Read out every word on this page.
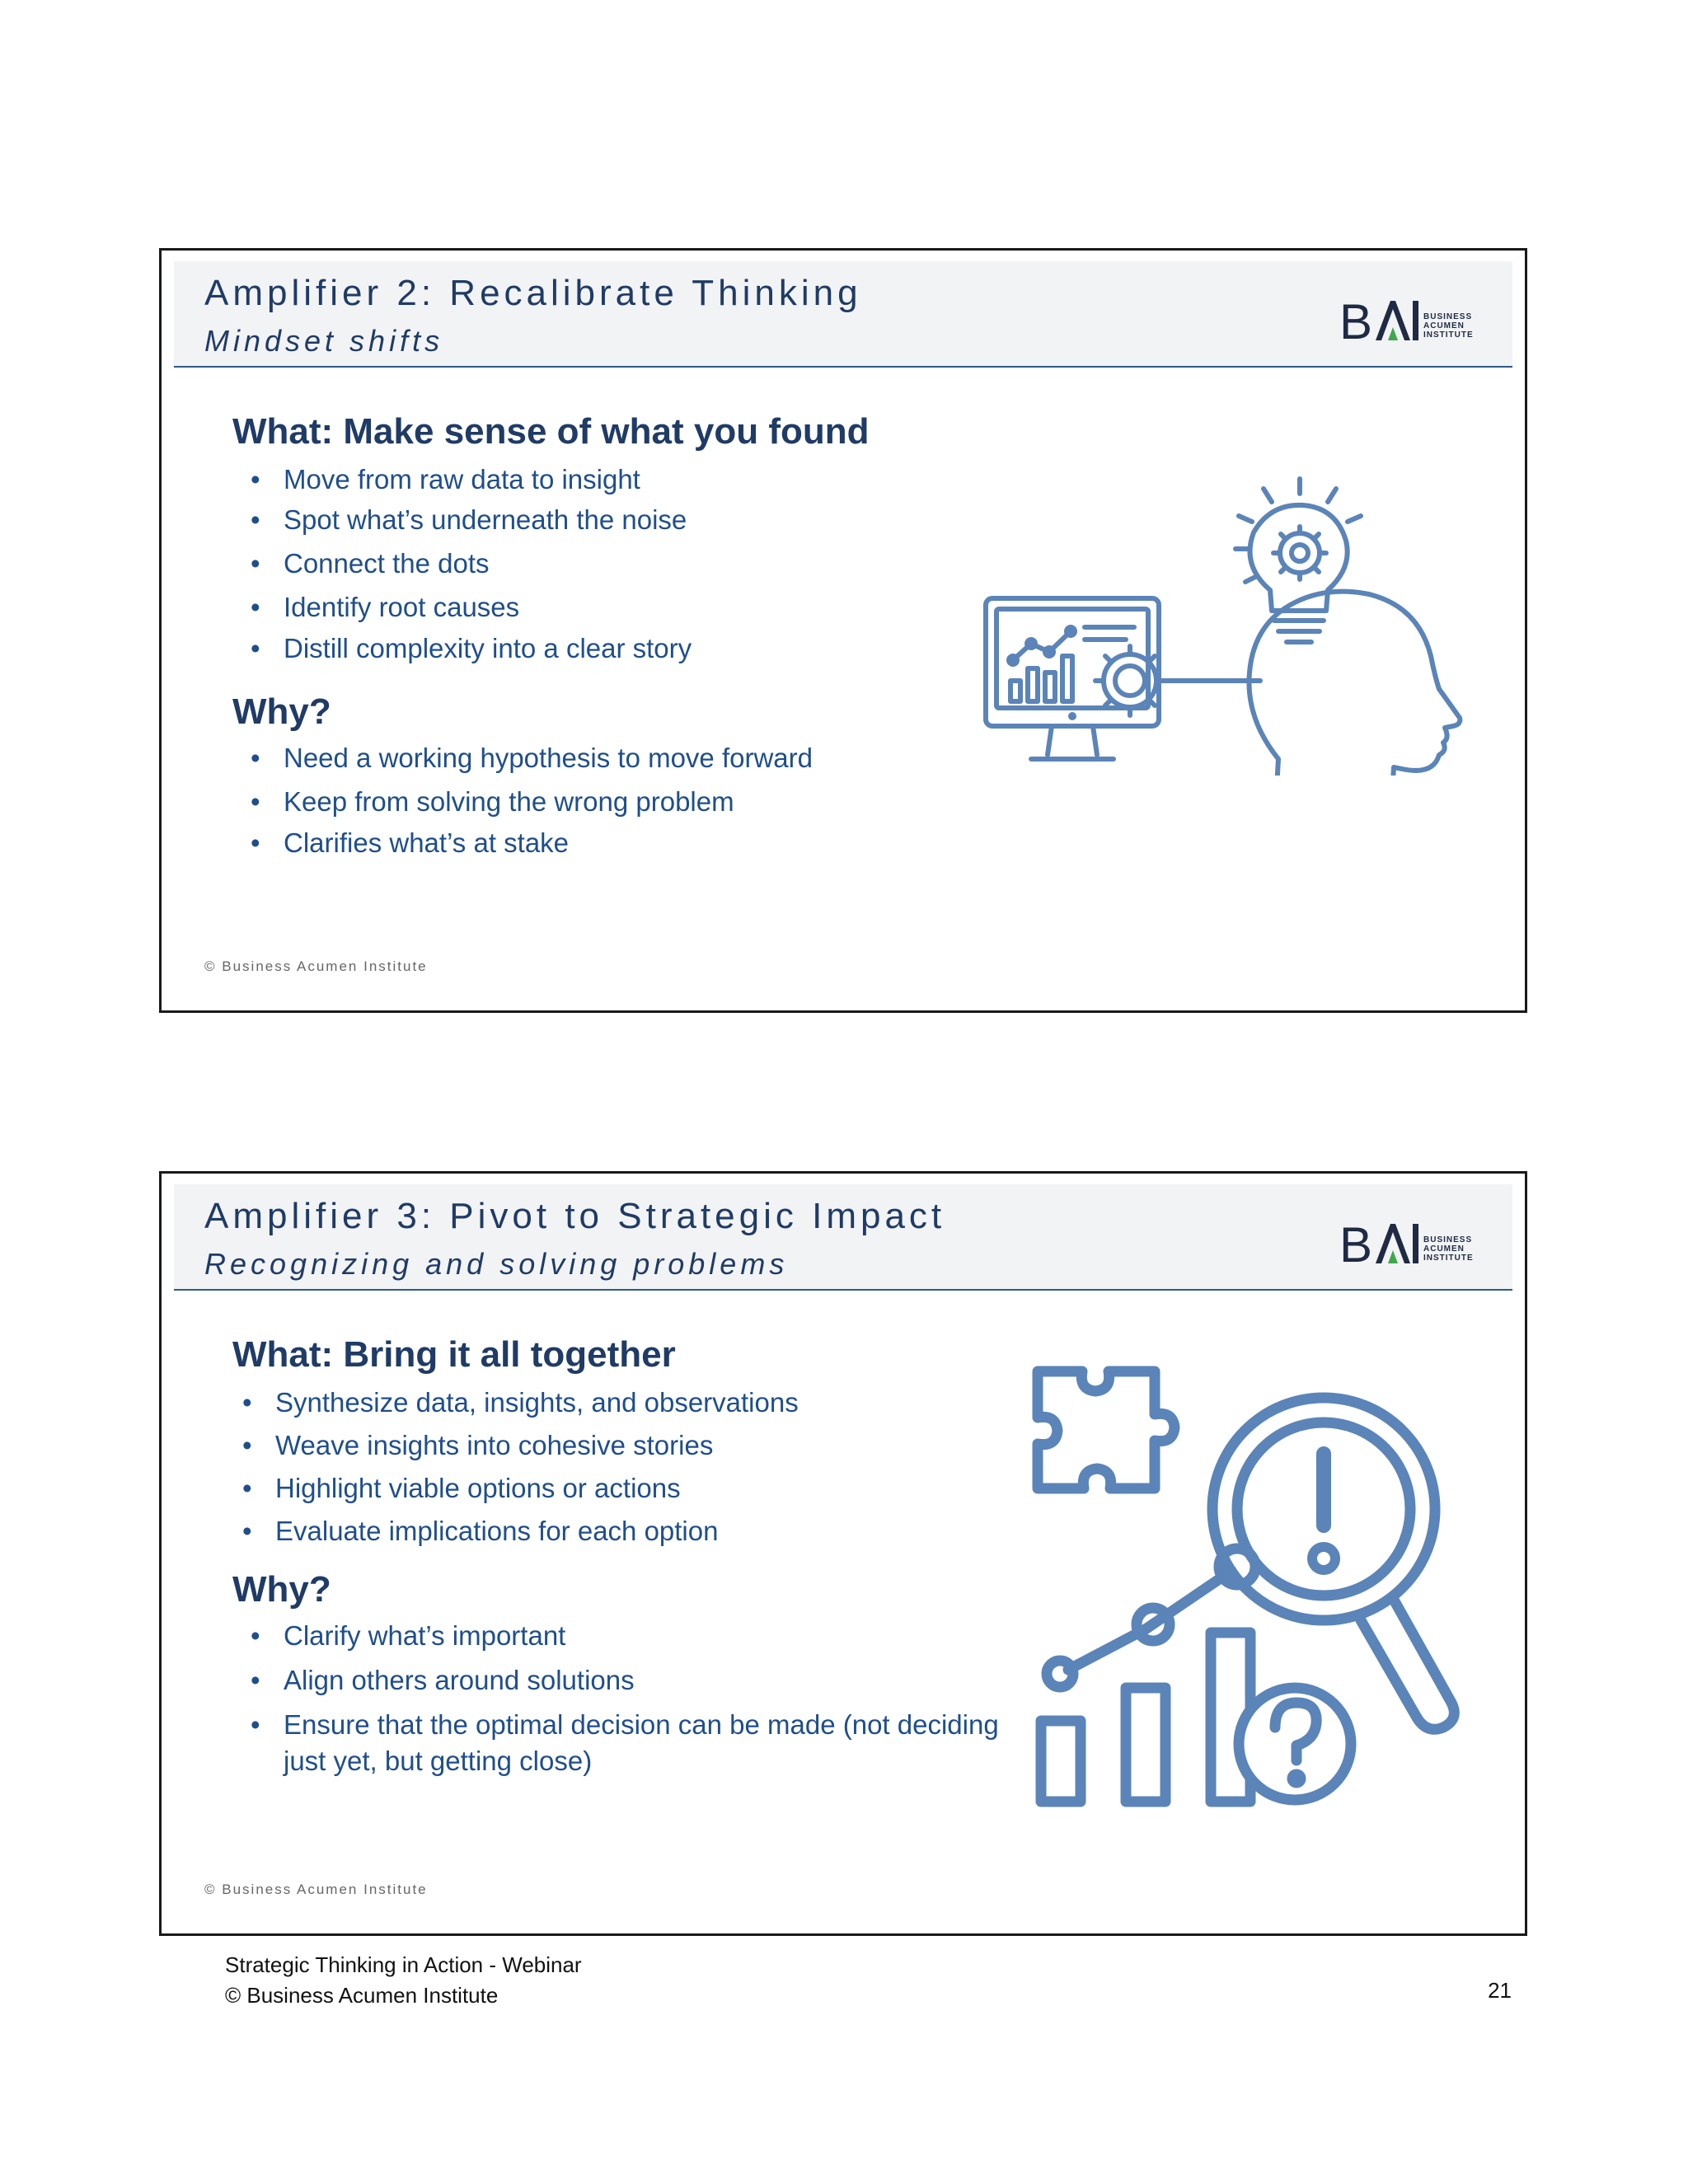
Amplifier 2: Recalibrate Thinking
Mindset shifts	B	BUSINESS
ACUMEN
INSTITUTE
What: Make sense of what you found
• Move from raw data to insight
• Spot what’s underneath the noise
• Connect the dots
• Identify root causes
• Distill complexity into a clear story
Why?
• Need a working hypothesis to move forward
• Keep from solving the wrong problem
• Clarifies what’s at stake
© Business Acumen Institute
Amplifier 3: Pivot to Strategic Impact
Recognizing and solving problems	B	BUSINESS
ACUMEN
INSTITUTE
What: Bring it all together
• Synthesize data, insights, and observations
• Weave insights into cohesive stories
• Highlight viable options or actions
• Evaluate implications for each option
Why?
• Clarify what’s important
• Align others around solutions
• Ensure that the optimal decision can be made (not deciding
just yet, but getting close)
© Business Acumen Institute
Strategic Thinking in Action - Webinar
© Business Acumen Institute	21
